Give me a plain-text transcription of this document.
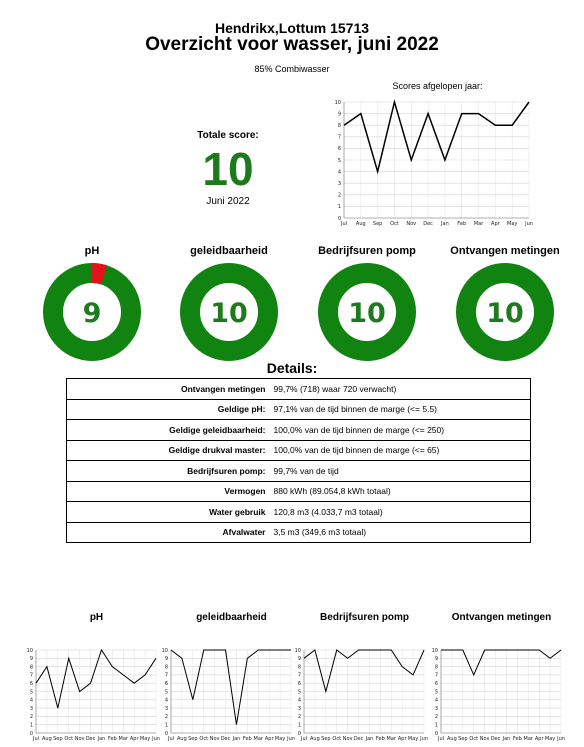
Hendrikx,Lottum 15713
Overzicht voor wasser, juni 2022
85% Combiwasser
Totale score:
10
Juni 2022
Scores afgelopen jaar:
0
1
2
3
4
5
6
7
8
9
10
Jul Aug Sep Oct Nov Dec Jan Feb Mar Apr May Jun
pH	geleidbaarheid	Bedrijfsuren pomp	Ontvangen metingen
9	10	10	10
Details:
Ontvangen metingen	99,7% (718) waar 720 verwacht)
Geldige pH:	97,1% van de tijd binnen de marge (<= 5.5)
Geldige geleidbaarheid:	100,0% van de tijd binnen de marge (<= 250)
Geldige drukval master:	100,0% van de tijd binnen de marge (<= 65)
Bedrijfsuren pomp:	99,7% van de tijd
Vermogen	880 kWh (89.054,8 kWh totaal)
Water gebruik	120,8 m3 (4.033,7 m3 totaal)
Afvalwater	3,5 m3 (349,6 m3 totaal)
pH	geleidbaarheid	Bedrijfsuren pomp	Ontvangen metingen
0
1
2
3
4
5
6
7
8
9
10
Jul Aug Sep Oct Nov Dec Jan Feb Mar Apr May Jun
0
1
2
3
4
5
6
7
8
9
10
Jul Aug Sep Oct Nov Dec Jan Feb Mar Apr May Jun
0
1
2
3
4
5
6
7
8
9
10
Jul Aug Sep Oct Nov Dec Jan Feb Mar Apr May Jun
0
1
2
3
4
5
6
7
8
9
10
Jul Aug Sep Oct Nov Dec Jan Feb Mar Apr May Jun
